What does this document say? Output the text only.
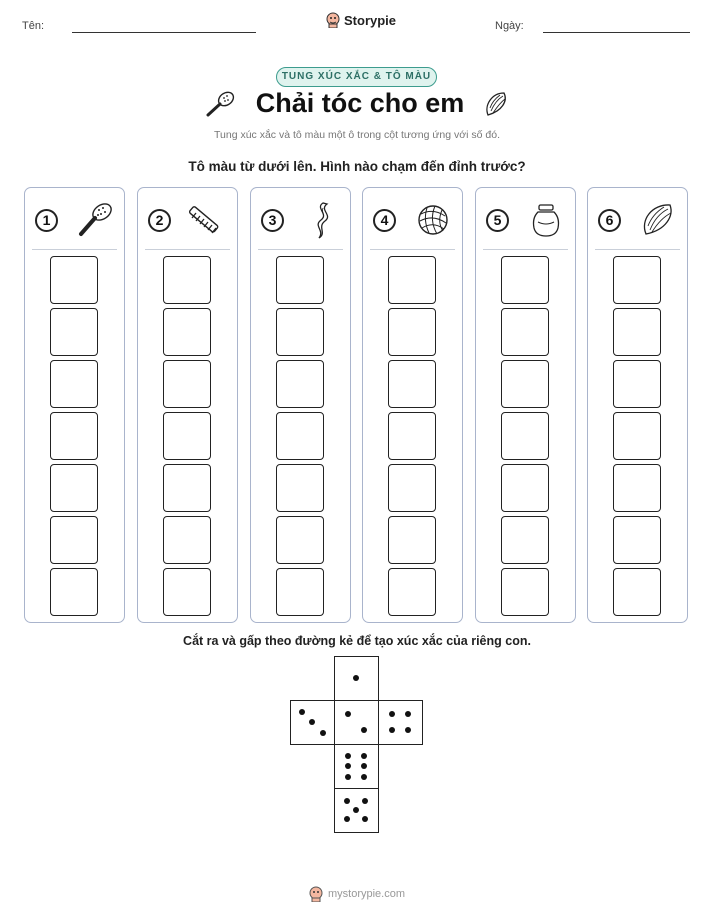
Tên:	Storypie	Ngày:
TUNG XÚC XẮC & TÔ MÀU
Chải tóc cho em
Tung xúc xắc và tô màu một ô trong cột tương ứng với số đó.
Tô màu từ dưới lên. Hình nào chạm đến đỉnh trước?
1	2	3	4	5	6
Cắt ra và gấp theo đường kẻ để tạo xúc xắc của riêng con.
mystorypie.com
